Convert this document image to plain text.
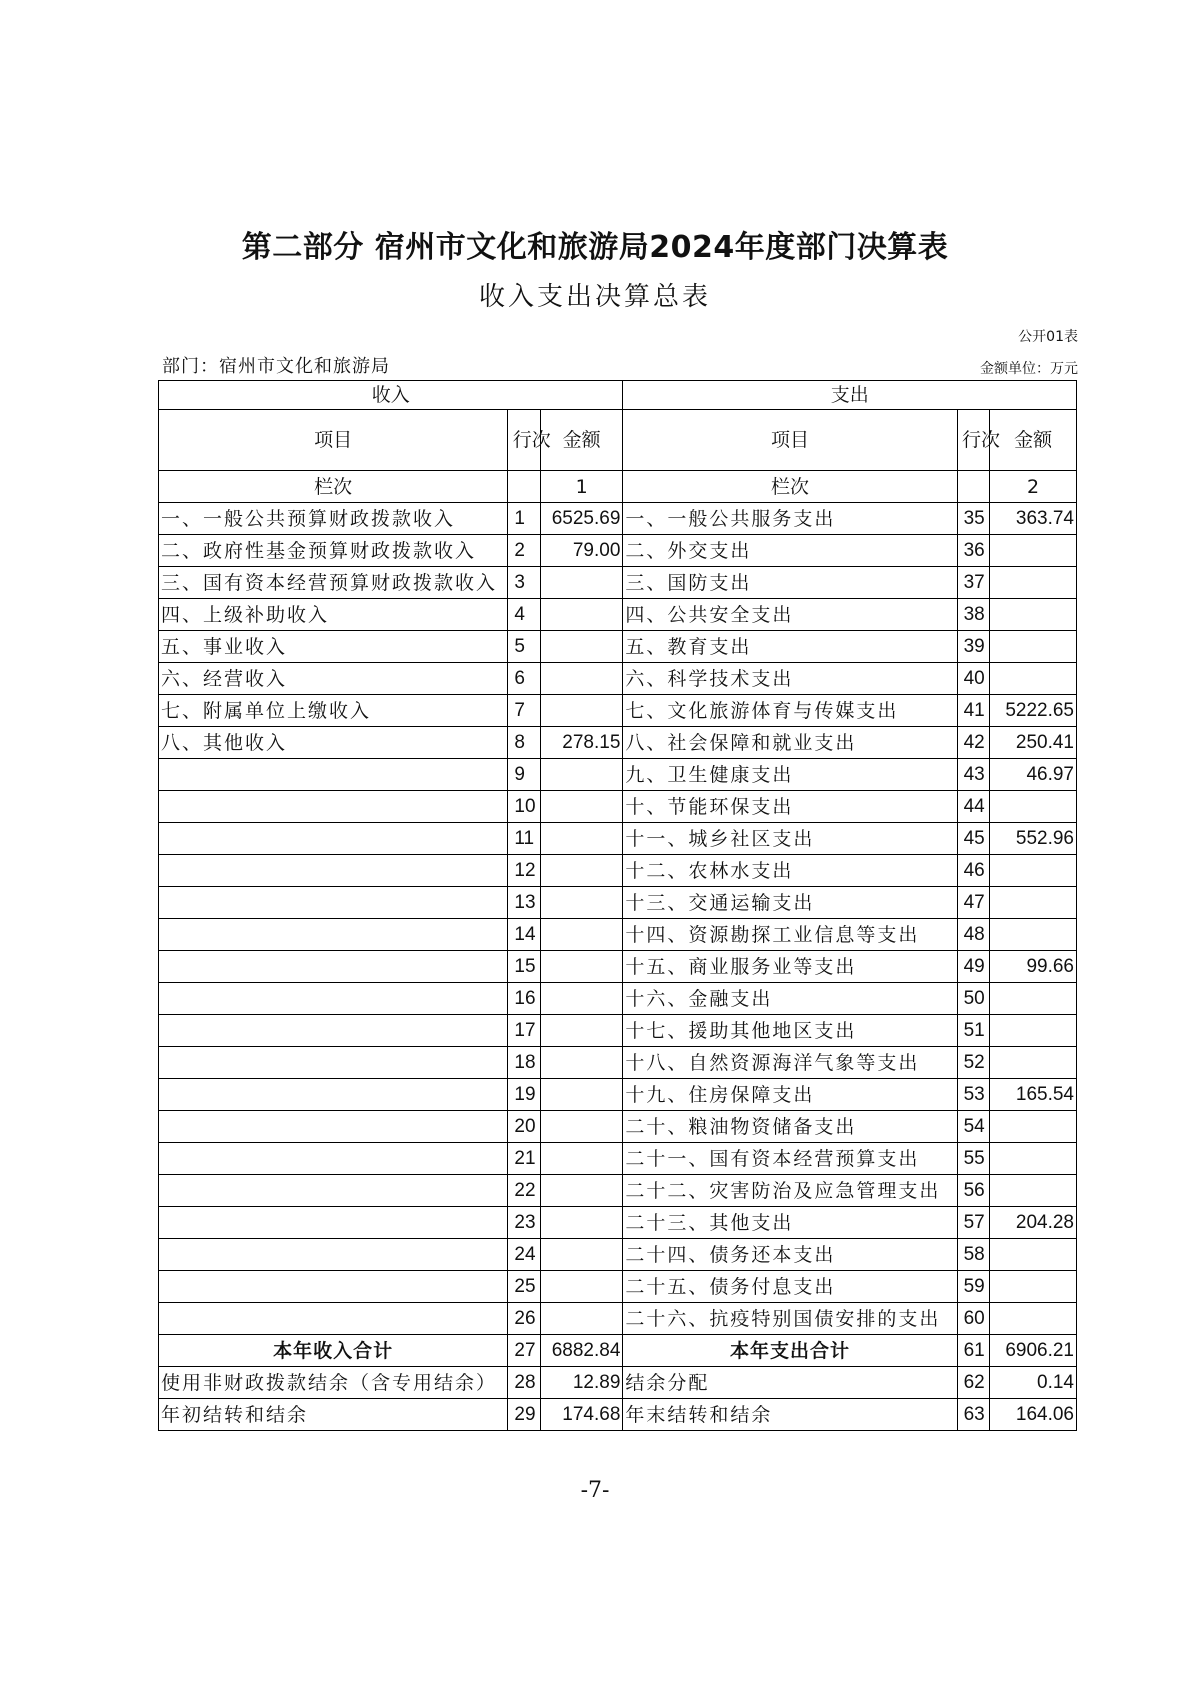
第二部分 宿州市文化和旅游局2024年度部门决算表
收入支出决算总表
公开01表
部门：宿州市文化和旅游局	金额单位：万元
收入			支出		
项目	行次	金额	项目	行次	金额
栏次		1	栏次		2
一、一般公共预算财政拨款收入	1	6525.69	一、一般公共服务支出	35	363.74
二、政府性基金预算财政拨款收入	2	79.00	二、外交支出	36	
三、国有资本经营预算财政拨款收入	3		三、国防支出	37	
四、上级补助收入	4		四、公共安全支出	38	
五、事业收入	5		五、教育支出	39	
六、经营收入	6		六、科学技术支出	40	
七、附属单位上缴收入	7		七、文化旅游体育与传媒支出	41	5222.65
八、其他收入	8	278.15	八、社会保障和就业支出	42	250.41
	9		九、卫生健康支出	43	46.97
	10		十、节能环保支出	44	
	11		十一、城乡社区支出	45	552.96
	12		十二、农林水支出	46	
	13		十三、交通运输支出	47	
	14		十四、资源勘探工业信息等支出	48	
	15		十五、商业服务业等支出	49	99.66
	16		十六、金融支出	50	
	17		十七、援助其他地区支出	51	
	18		十八、自然资源海洋气象等支出	52	
	19		十九、住房保障支出	53	165.54
	20		二十、粮油物资储备支出	54	
	21		二十一、国有资本经营预算支出	55	
	22		二十二、灾害防治及应急管理支出	56	
	23		二十三、其他支出	57	204.28
	24		二十四、债务还本支出	58	
	25		二十五、债务付息支出	59	
	26		二十六、抗疫特别国债安排的支出	60	
本年收入合计	27	6882.84	本年支出合计	61	6906.21
使用非财政拨款结余（含专用结余）	28	12.89	结余分配	62	0.14
年初结转和结余	29	174.68	年末结转和结余	63	164.06
-7-
